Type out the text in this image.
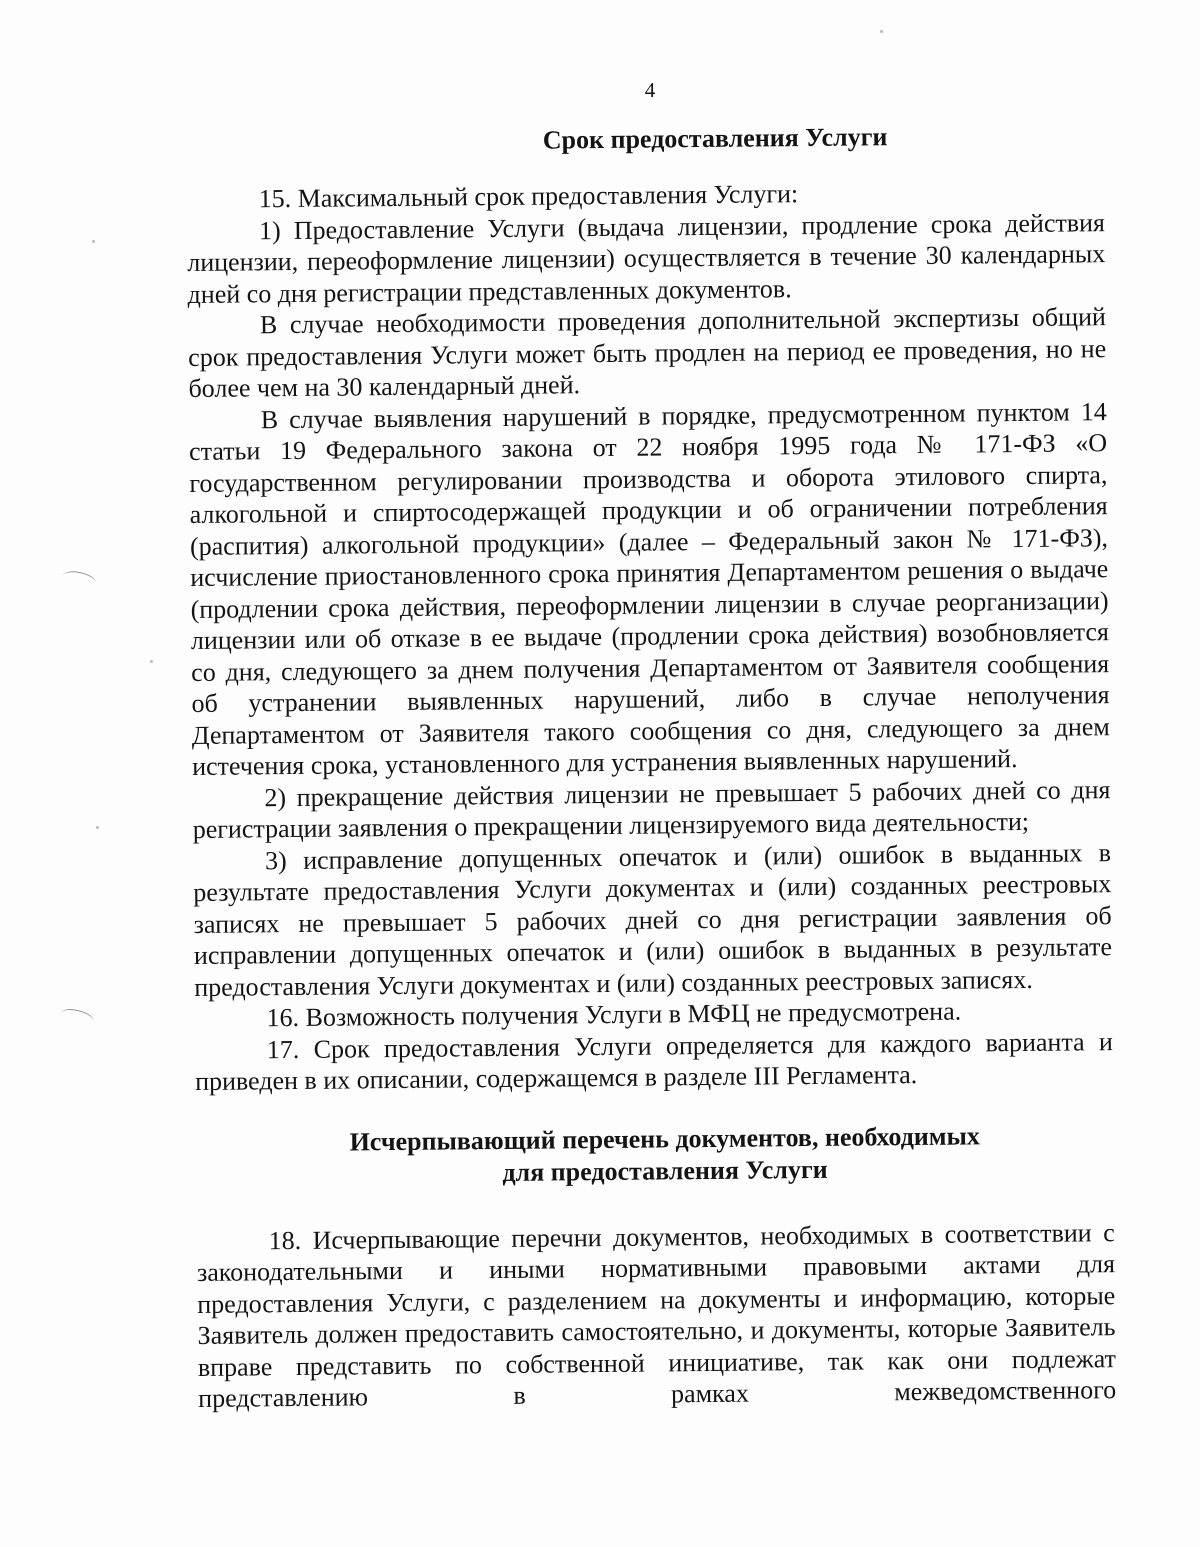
4

Срок предоставления Услуги

15. Максимальный срок предоставления Услуги:

1) Предоставление Услуги (выдача лицензии, продление срока действия лицензии, переоформление лицензии) осуществляется в течение 30 календарных дней со дня регистрации представленных документов.

В случае необходимости проведения дополнительной экспертизы общий срок предоставления Услуги может быть продлен на период ее проведения, но не более чем на 30 календарный дней.

В случае выявления нарушений в порядке, предусмотренном пунктом 14 статьи 19 Федерального закона от 22 ноября 1995 года № 171-ФЗ «О государственном регулировании производства и оборота этилового спирта, алкогольной и спиртосодержащей продукции и об ограничении потребления (распития) алкогольной продукции» (далее – Федеральный закон № 171-ФЗ), исчисление приостановленного срока принятия Департаментом решения о выдаче (продлении срока действия, переоформлении лицензии в случае реорганизации) лицензии или об отказе в ее выдаче (продлении срока действия) возобновляется со дня, следующего за днем получения Департаментом от Заявителя сообщения об устранении выявленных нарушений, либо в случае неполучения Департаментом от Заявителя такого сообщения со дня, следующего за днем истечения срока, установленного для устранения выявленных нарушений.

2) прекращение действия лицензии не превышает 5 рабочих дней со дня регистрации заявления о прекращении лицензируемого вида деятельности;

3) исправление допущенных опечаток и (или) ошибок в выданных в результате предоставления Услуги документах и (или) созданных реестровых записях не превышает 5 рабочих дней со дня регистрации заявления об исправлении допущенных опечаток и (или) ошибок в выданных в результате предоставления Услуги документах и (или) созданных реестровых записях.

16. Возможность получения Услуги в МФЦ не предусмотрена.

17. Срок предоставления Услуги определяется для каждого варианта и приведен в их описании, содержащемся в разделе III Регламента.

Исчерпывающий перечень документов, необходимых
для предоставления Услуги

18. Исчерпывающие перечни документов, необходимых в соответствии с законодательными и иными нормативными правовыми актами для предоставления Услуги, с разделением на документы и информацию, которые Заявитель должен предоставить самостоятельно, и документы, которые Заявитель вправе представить по собственной инициативе, так как они подлежат представлению в рамках межведомственного
